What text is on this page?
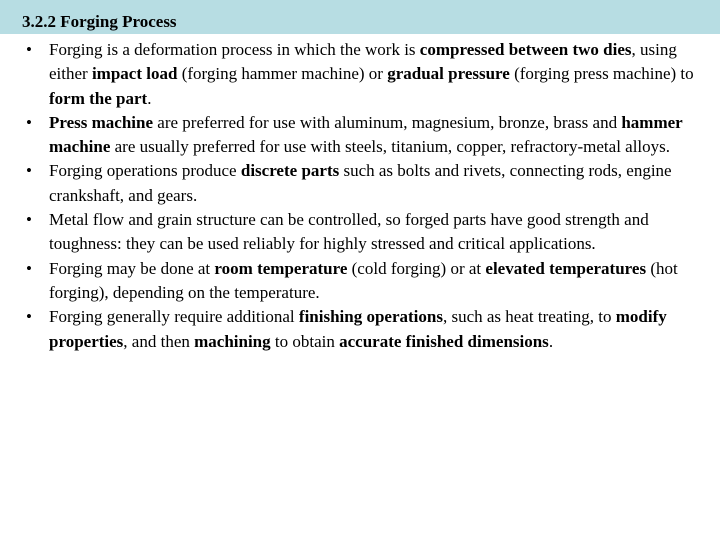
3.2.2 Forging Process
•	Forging is a deformation process in which the work is compressed between two dies, using either impact load (forging hammer machine) or gradual pressure (forging press machine) to form the part.
•	Press machine are preferred for use with aluminum, magnesium, bronze, brass and hammer machine are usually preferred for use with steels, titanium, copper, refractory-metal alloys.
•	Forging operations produce discrete parts such as bolts and rivets, connecting rods, engine crankshaft, and gears.
•	Metal flow and grain structure can be controlled, so forged parts have good strength and toughness: they can be used reliably for highly stressed and critical applications.
•	Forging may be done at room temperature (cold forging) or at elevated temperatures (hot forging), depending on the temperature.
•	Forging generally require additional finishing operations, such as heat treating, to modify properties, and then machining to obtain accurate finished dimensions.
